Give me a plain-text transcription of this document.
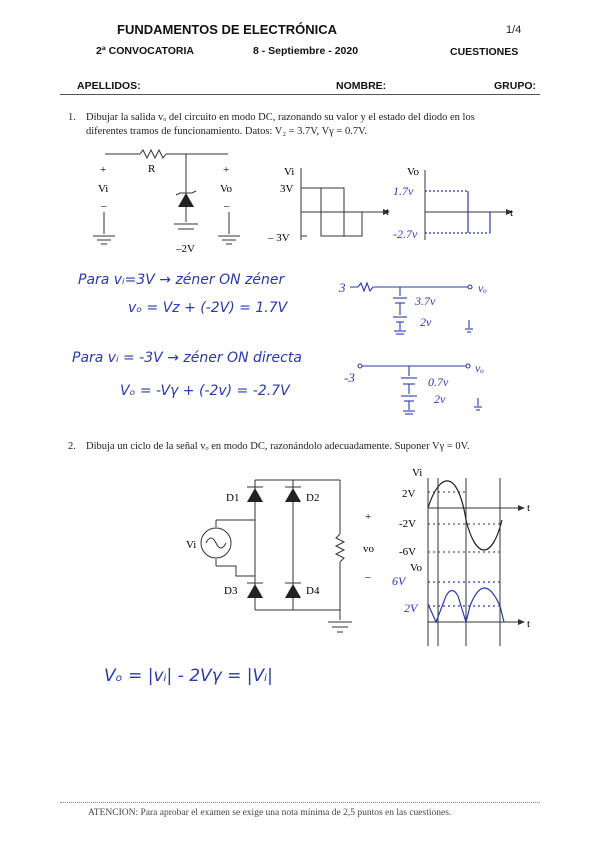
FUNDAMENTOS DE ELECTRÓNICA	1/4
2ª CONVOCATORIA	8 - Septiembre - 2020	CUESTIONES
APELLIDOS:	NOMBRE:	GRUPO:
1. Dibujar la salida vₒ del circuito en modo DC, razonando su valor y el estado del diodo en los
diferentes tramos de funcionamiento. Datos: V₂ = 3.7V, Vγ = 0.7V.
+
Vi
–
R	+
Vo
–
–2V
Vi
3V
– 3V
t
Vo
t
1.7v
-2.7v
Para vᵢ=3V → zéner ON zéner
vₒ = Vz + (-2V) = 1.7V
3
3.7v
2v
vₒ
Para vᵢ = -3V → zéner ON directa
Vₒ = -Vγ + (-2v) = -2.7V
-3	0.7v
2v
vₒ
2. Dibuja un ciclo de la señal vₒ en modo DC, razonándolo adecuadamente. Suponer Vγ = 0V.
D1	D2
D3	D4
Vi
+
vo
–
Vi
2V
-2V
-6V
Vo
6V
2V
t
t
Vₒ = |vᵢ| - 2Vγ = |Vᵢ|
ATENCION: Para aprobar el examen se exige una nota mínima de 2,5 puntos en las cuestiones.
